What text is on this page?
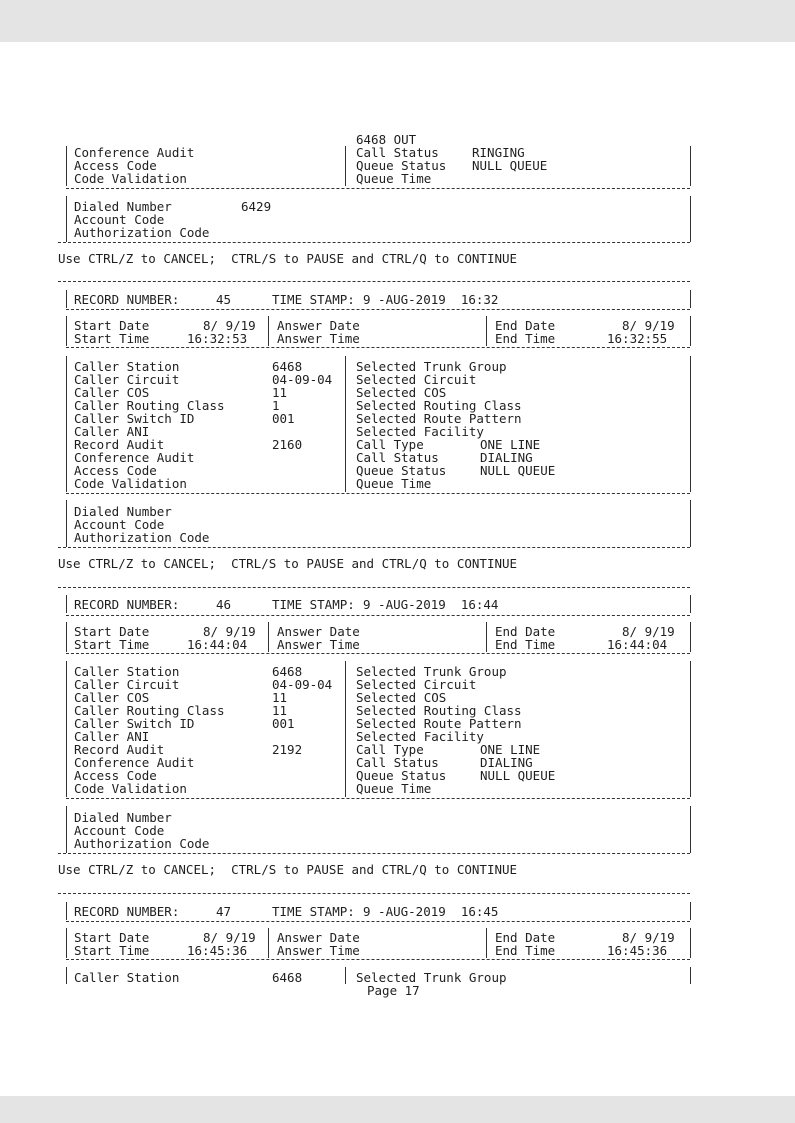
6468 OUT
Conference Audit
Access Code
Code Validation
Call Status	RINGING
Queue Status NULL QUEUE
Queue Time
Dialed Number	6429
Account Code
Authorization Code
Use CTRL/Z to CANCEL;  CTRL/S to PAUSE and CTRL/Q to CONTINUE
RECORD NUMBER:	45	TIME STAMP: 9 -AUG-2019  16:32
Start Date	8/ 9/19
Start Time	16:32:53
Answer Date
Answer Time
End Date	8/ 9/19
End Time	16:32:55
Caller Station	6468
Caller Circuit	04-09-04
Caller COS	11
Caller Routing Class	1
Caller Switch ID	001
Caller ANI
Record Audit	2160
Conference Audit
Access Code
Code Validation
Selected Trunk Group
Selected Circuit
Selected COS
Selected Routing Class
Selected Route Pattern
Selected Facility
Call Type	ONE LINE
Call Status	DIALING
Queue Status	NULL QUEUE
Queue Time
Dialed Number
Account Code
Authorization Code
Use CTRL/Z to CANCEL;  CTRL/S to PAUSE and CTRL/Q to CONTINUE
RECORD NUMBER:	46	TIME STAMP: 9 -AUG-2019  16:44
Start Date	8/ 9/19
Start Time	16:44:04
Answer Date
Answer Time
End Date	8/ 9/19
End Time	16:44:04
Caller Station	6468
Caller Circuit	04-09-04
Caller COS	11
Caller Routing Class	11
Caller Switch ID	001
Caller ANI
Record Audit	2192
Conference Audit
Access Code
Code Validation
Selected Trunk Group
Selected Circuit
Selected COS
Selected Routing Class
Selected Route Pattern
Selected Facility
Call Type	ONE LINE
Call Status	DIALING
Queue Status	NULL QUEUE
Queue Time
Dialed Number
Account Code
Authorization Code
Use CTRL/Z to CANCEL;  CTRL/S to PAUSE and CTRL/Q to CONTINUE
RECORD NUMBER:	47	TIME STAMP: 9 -AUG-2019  16:45
Start Date	8/ 9/19
Start Time	16:45:36
Answer Date
Answer Time
End Date	8/ 9/19
End Time	16:45:36
Caller Station	6468	Selected Trunk Group
Page 17
